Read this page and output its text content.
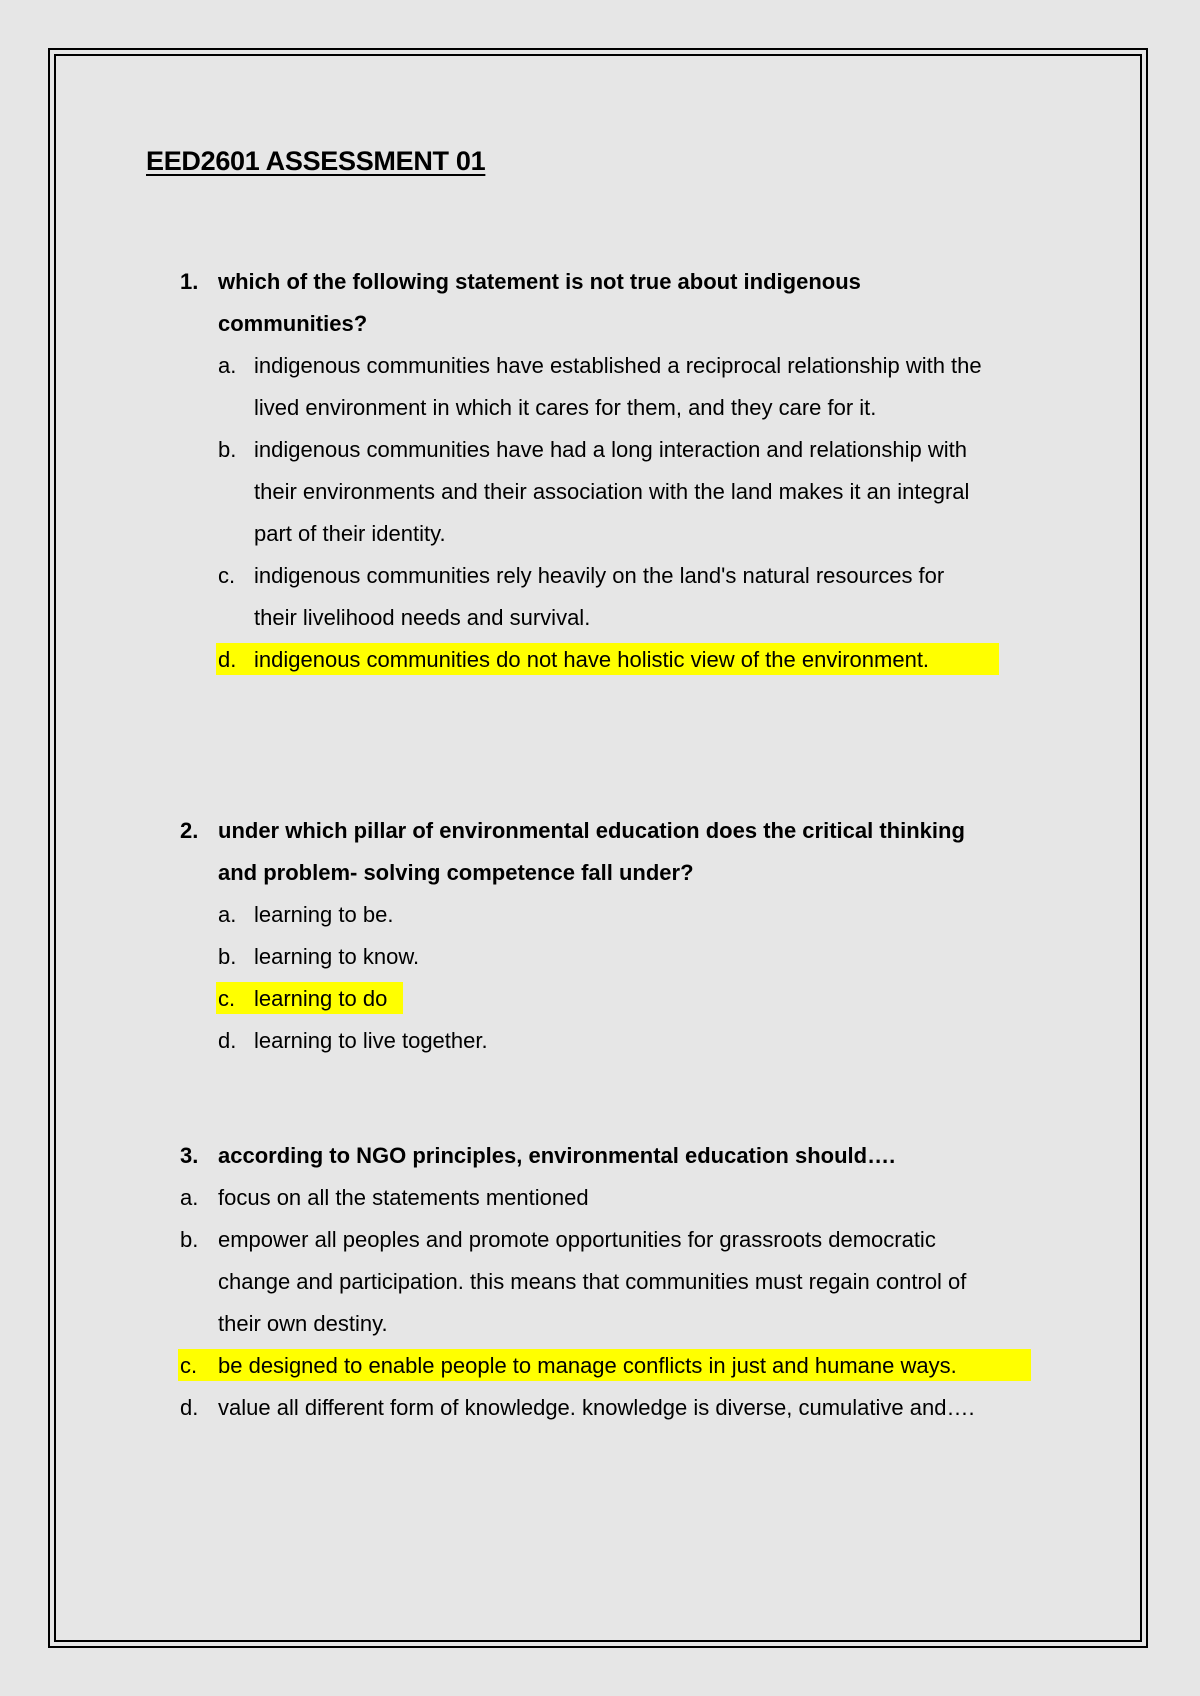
EED2601 ASSESSMENT 01
1. which of the following statement is not true about indigenous
communities?
a. indigenous communities have established a reciprocal relationship with the
lived environment in which it cares for them, and they care for it.
b. indigenous communities have had a long interaction and relationship with
their environments and their association with the land makes it an integral
part of their identity.
c. indigenous communities rely heavily on the land's natural resources for
their livelihood needs and survival.
d. indigenous communities do not have holistic view of the environment.
2. under which pillar of environmental education does the critical thinking
and problem- solving competence fall under?
a. learning to be.
b. learning to know.
c. learning to do
d. learning to live together.
3. according to NGO principles, environmental education should….
a. focus on all the statements mentioned
b. empower all peoples and promote opportunities for grassroots democratic
change and participation. this means that communities must regain control of
their own destiny.
c. be designed to enable people to manage conflicts in just and humane ways.
d. value all different form of knowledge. knowledge is diverse, cumulative and….
